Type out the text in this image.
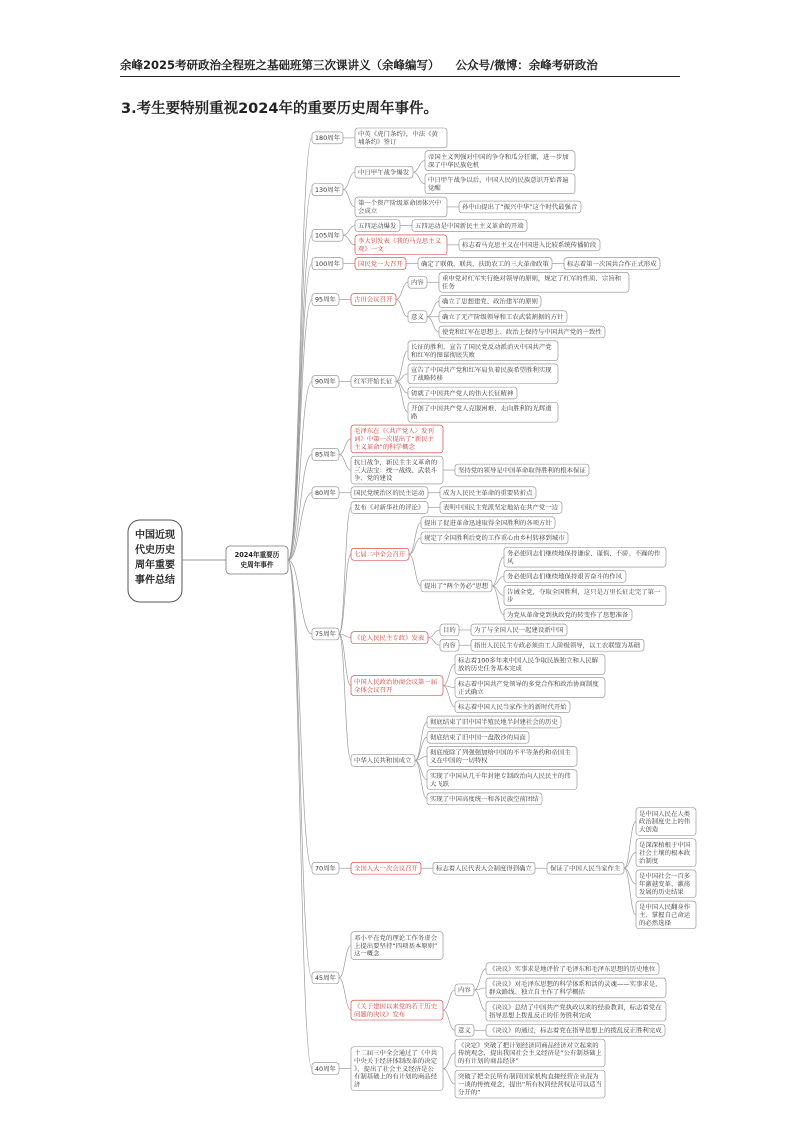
余峰2025考研政治全程班之基础班第三次课讲义（余峰编写） 公众号/微博：余峰考研政治
3.考生要特别重视2024年的重要历史周年事件。
180周年
中英《虎门条约》，中法《黄埔条约》签订
130周年
中日甲午战争爆发
帝国主义列强对中国的争夺和瓜分狂潮，进一步加深了中华民族危机
中日甲午战争以后，中国人民的民族意识开始普遍觉醒
第一个资产阶级革命团体兴中会成立
孙中山提出了“振兴中华”这个时代最强音
105周年
五四运动爆发	五四运动是中国新民主主义革命的开端
李大钊发表《我的马克思主义观》一文
标志着马克思主义在中国进入比较系统传播阶段
100周年	国民党一大召开	确定了联俄、联共、扶助农工的三大革命政策	标志着第一次国共合作正式形成
95周年	古田会议召开
内容
重申党对红军实行绝对领导的原则，规定了红军的性质、宗旨和任务
意义
确立了思想建党、政治建军的原则
确立了无产阶级领导和工农武装割据的方针
使党和红军在思想上、政治上保持与中国共产党的一致性
90周年	红军开始长征
长征的胜利，宣告了国民党反动派消灭中国共产党和红军的图谋彻底失败
宣告了中国共产党和红军肩负着民族希望胜利实现了战略转移
铸就了中国共产党人的伟大长征精神
开创了中国共产党人克服困难、走向胜利的光辉道路
85周年
毛泽东在《〈共产党人〉发刊词》中第一次提出了“新民主主义革命”的科学概念
抗日战争，新民主主义革命的三大法宝：统一战线、武装斗争、党的建设
坚持党的领导是中国革命取得胜利的根本保证
80周年	国民党统治区的民主运动	成为人民民主革命的重要转折点
75周年
发布《对新华社的评论》	表明中国民主党派坚定地站在共产党一边
七届二中全会召开
提出了促进革命迅速取得全国胜利的各项方针
规定了全国胜利后党的工作重心由乡村转移到城市
提出了“两个务必”思想
务必使同志们继续地保持谦虚、谨慎、不骄、不躁的作风
务必使同志们继续地保持艰苦奋斗的作风
告诫全党，夺取全国胜利，这只是万里长征走完了第一步
为党从革命党到执政党的转变作了思想准备
《论人民民主专政》发表
目的	为了与全国人民一起建设新中国
内容	指出人民民主专政必须由工人阶级领导，以工农联盟为基础
中国人民政治协商会议第一届全体会议召开
标志着100多年来中国人民争取民族独立和人民解放的历史任务基本完成
标志着中国共产党领导的多党合作和政治协商制度正式确立
标志着中国人民当家作主的新时代开始
中华人民共和国成立
彻底结束了旧中国半殖民地半封建社会的历史
彻底结束了旧中国一盘散沙的局面
彻底废除了列强强加给中国的不平等条约和帝国主义在中国的一切特权
实现了中国从几千年封建专制政治向人民民主的伟大飞跃
实现了中国高度统一和各民族空前团结
70周年	全国人大一次会议召开	标志着人民代表大会制度得到确立	保证了中国人民当家作主
是中国人民在人类政治制度史上的伟大创造
是深深植根于中国社会土壤的根本政治制度
是中国社会一百多年激越变革、激荡发展的历史结果
是中国人民翻身作主、掌握自己命运的必然选择
45周年
邓小平在党的理论工作务虚会上提出要坚持“四项基本原则”这一概念
《关于建国以来党的若干历史问题的决议》发布
内容
《决议》实事求是地评价了毛泽东和毛泽东思想的历史地位
《决议》对毛泽东思想的科学体系和活的灵魂——实事求是、群众路线、独立自主作了科学概括
《决议》总结了中国共产党执政以来的经验教训，标志着党在指导思想上拨乱反正的任务胜利完成
意义	《决议》的通过，标志着党在指导思想上的拨乱反正胜利完成
40周年
十二届三中全会通过了《中共中央关于经济体制改革的决定》，提出了社会主义经济是公有制基础上的有计划的商品经济
《决定》突破了把计划经济同商品经济对立起来的传统观念，提出我国社会主义经济是“公有制基础上的有计划的商品经济”
突破了把全民所有制同国家机构直接经营企业混为一谈的传统观念，提出“所有权同经营权是可以适当分开的”
中国近现
代史历史
周年重要
事件总结
2024年重要历
史周年事件
